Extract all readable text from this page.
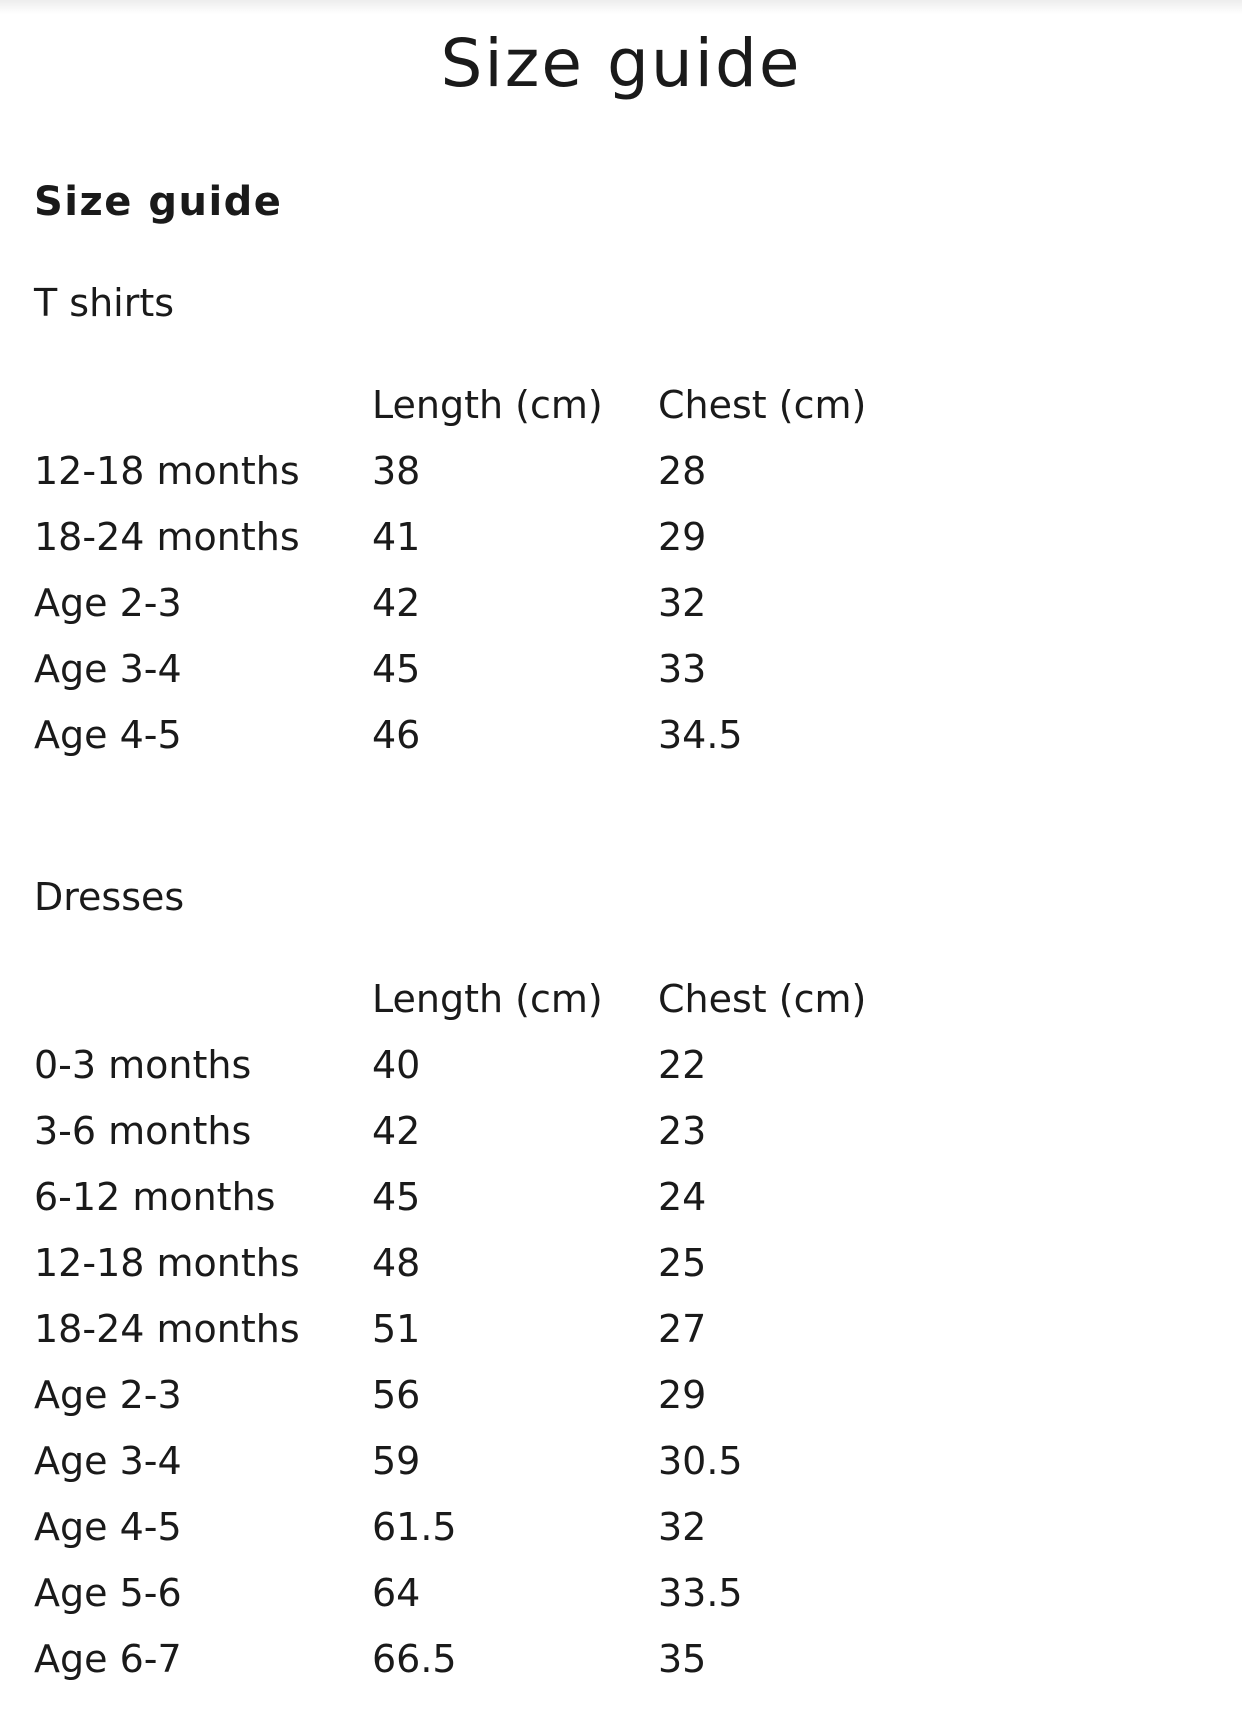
Size guide
Size guide
T shirts
	Length (cm)	Chest (cm)
12-18 months	38	28
18-24 months	41	29
Age 2-3	42	32
Age 3-4	45	33
Age 4-5	46	34.5
Dresses
	Length (cm)	Chest (cm)
0-3 months	40	22
3-6 months	42	23
6-12 months	45	24
12-18 months	48	25
18-24 months	51	27
Age 2-3	56	29
Age 3-4	59	30.5
Age 4-5	61.5	32
Age 5-6	64	33.5
Age 6-7	66.5	35
